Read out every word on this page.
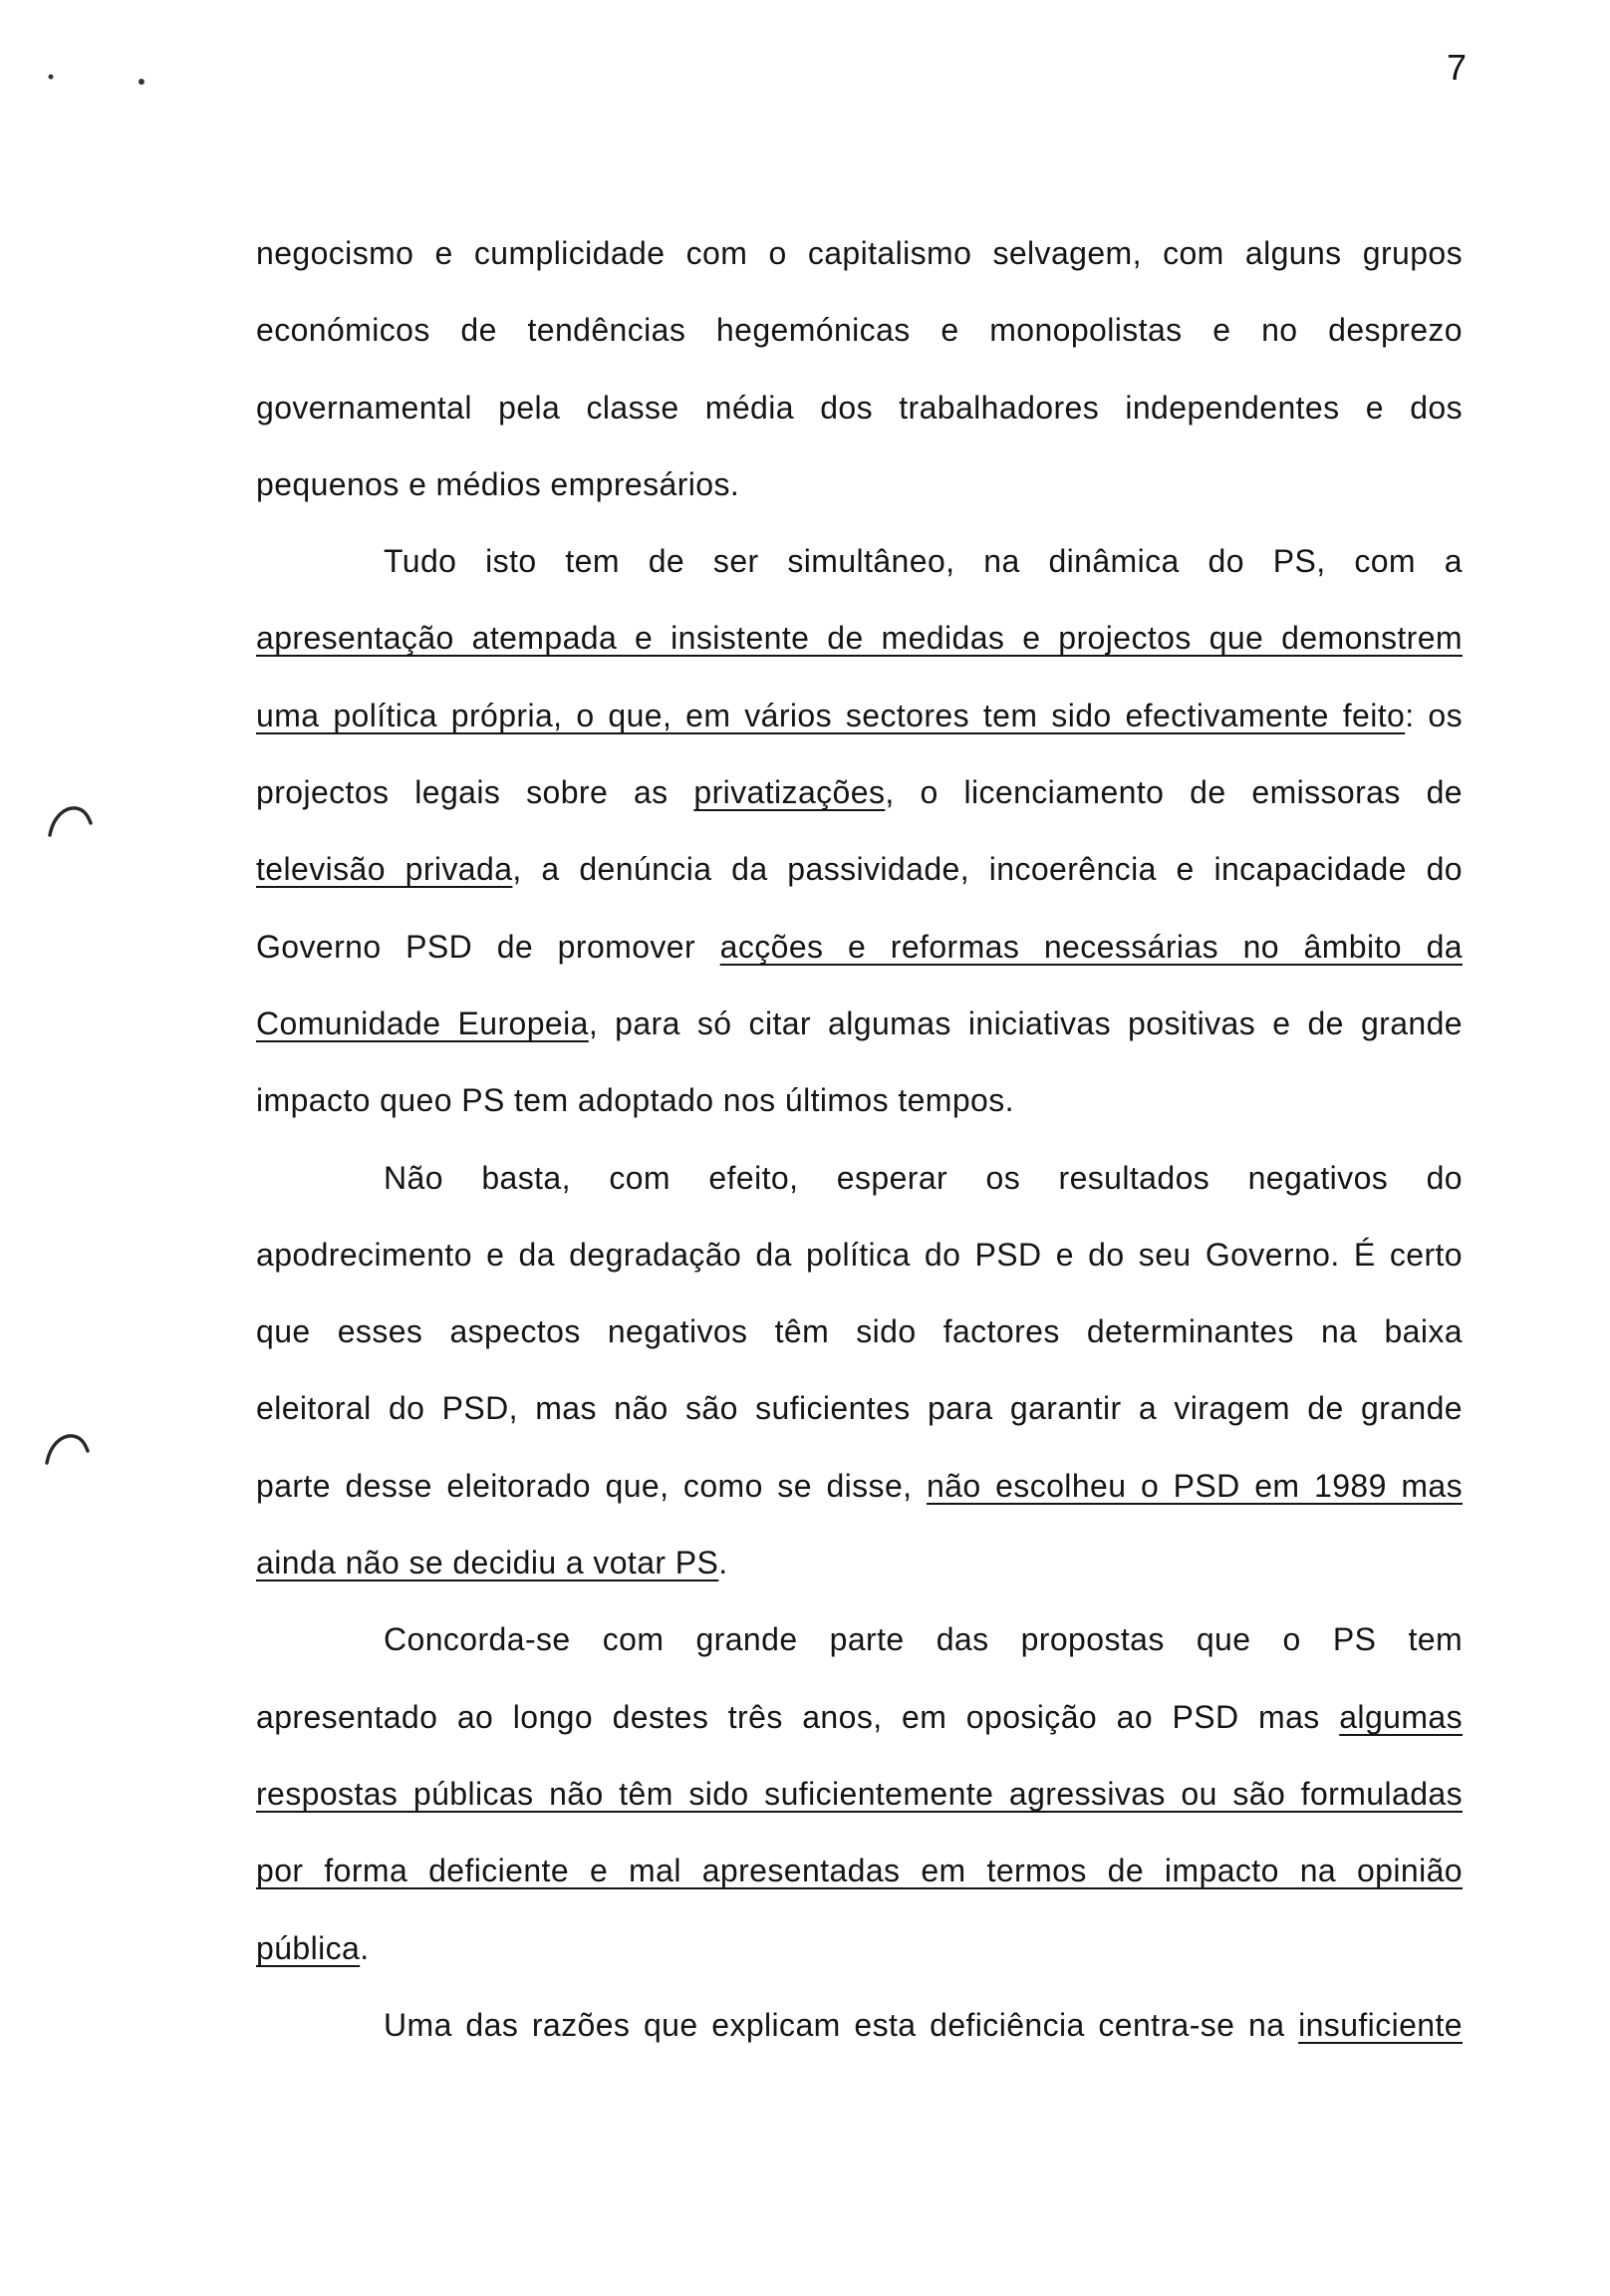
7
negocismo e cumplicidade com o capitalismo selvagem, com alguns grupos
económicos de tendências hegemónicas e monopolistas e no desprezo
governamental pela classe média dos trabalhadores independentes e dos
pequenos e médios empresários.
Tudo isto tem de ser simultâneo, na dinâmica do PS, com a
apresentação atempada e insistente de medidas e projectos que demonstrem
uma política própria, o que, em vários sectores tem sido efectivamente feito: os
projectos legais sobre as privatizações, o licenciamento de emissoras de
televisão privada, a denúncia da passividade, incoerência e incapacidade do
Governo PSD de promover acções e reformas necessárias no âmbito da
Comunidade Europeia, para só citar algumas iniciativas positivas e de grande
impacto queo PS tem adoptado nos últimos tempos.
Não basta, com efeito, esperar os resultados negativos do
apodrecimento e da degradação da política do PSD e do seu Governo. É certo
que esses aspectos negativos têm sido factores determinantes na baixa
eleitoral do PSD, mas não são suficientes para garantir a viragem de grande
parte desse eleitorado que, como se disse, não escolheu o PSD em 1989 mas
ainda não se decidiu a votar PS.
Concorda-se com grande parte das propostas que o PS tem
apresentado ao longo destes três anos, em oposição ao PSD mas algumas
respostas públicas não têm sido suficientemente agressivas ou são formuladas
por forma deficiente e mal apresentadas em termos de impacto na opinião
pública.
Uma das razões que explicam esta deficiência centra-se na insuficiente
